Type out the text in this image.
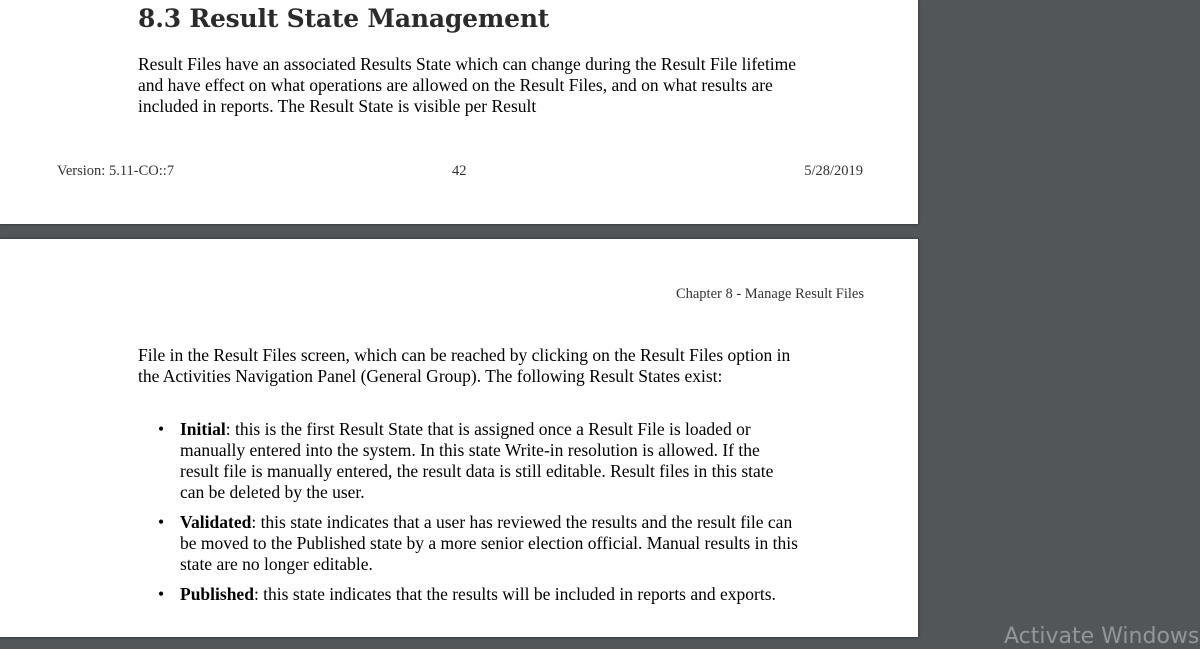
8.3 Result State Management

Result Files have an associated Results State which can change during the Result File lifetime and have effect on what operations are allowed on the Result Files, and on what results are included in reports. The Result State is visible per Result

Version: 5.11-CO::7	42	5/28/2019
Chapter 8 - Manage Result Files

File in the Result Files screen, which can be reached by clicking on the Result Files option in the Activities Navigation Panel (General Group). The following Result States exist:

• Initial: this is the first Result State that is assigned once a Result File is loaded or manually entered into the system. In this state Write-in resolution is allowed. If the result file is manually entered, the result data is still editable. Result files in this state can be deleted by the user.
• Validated: this state indicates that a user has reviewed the results and the result file can be moved to the Published state by a more senior election official. Manual results in this state are no longer editable.
• Published: this state indicates that the results will be included in reports and exports.
Activate Windows
